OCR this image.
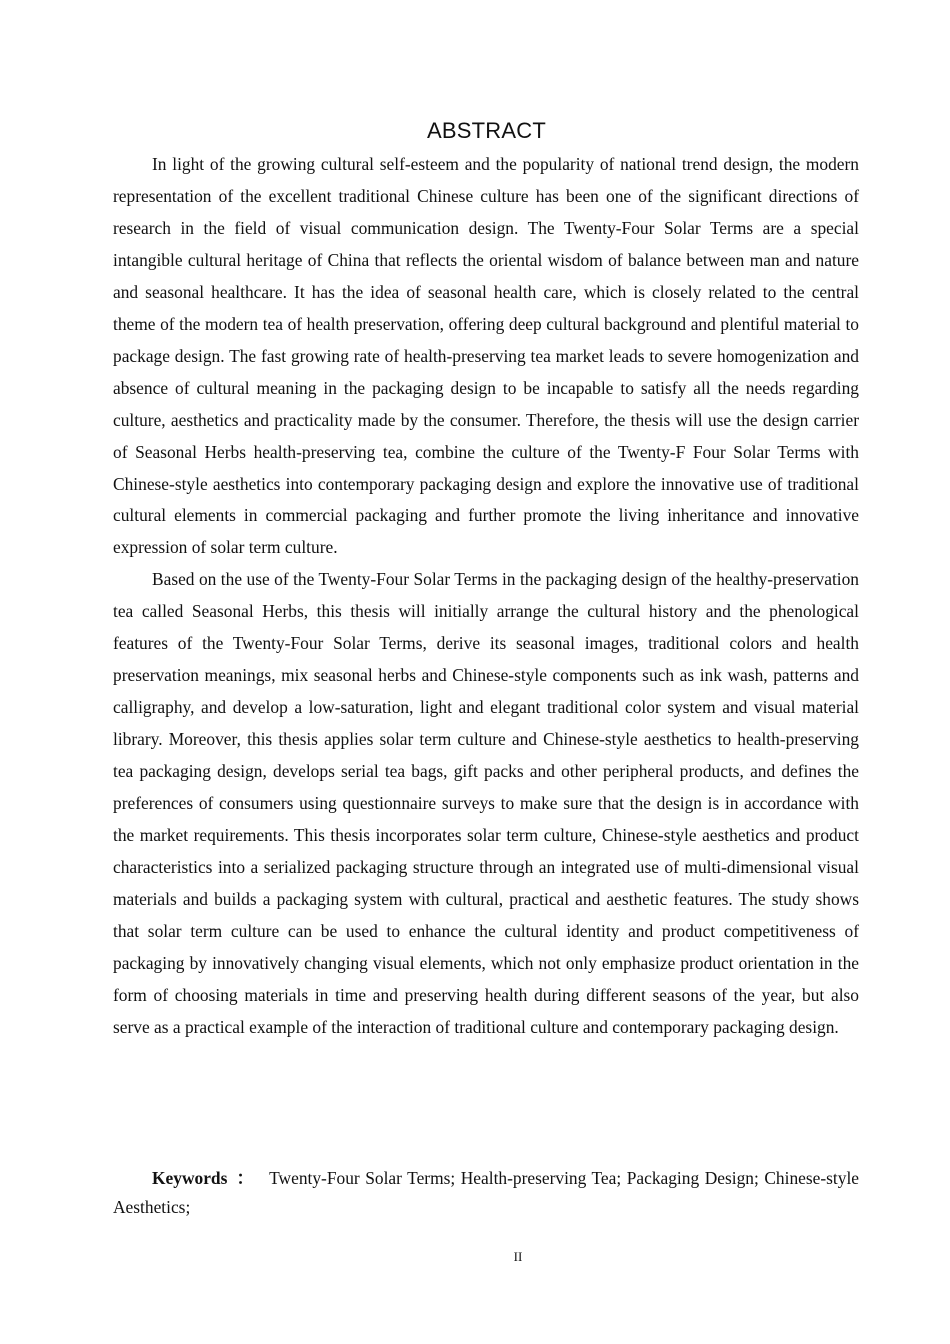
ABSTRACT

In light of the growing cultural self-esteem and the popularity of national trend design, the modern representation of the excellent traditional Chinese culture has been one of the significant directions of research in the field of visual communication design. The Twenty-Four Solar Terms are a special intangible cultural heritage of China that reflects the oriental wisdom of balance between man and nature and seasonal healthcare. It has the idea of seasonal health care, which is closely related to the central theme of the modern tea of health preservation, offering deep cultural background and plentiful material to package design. The fast growing rate of health-preserving tea market leads to severe homogenization and absence of cultural meaning in the packaging design to be incapable to satisfy all the needs regarding culture, aesthetics and practicality made by the consumer. Therefore, the thesis will use the design carrier of Seasonal Herbs health-preserving tea, combine the culture of the Twenty-F Four Solar Terms with Chinese-style aesthetics into contemporary packaging design and explore the innovative use of traditional cultural elements in commercial packaging and further promote the living inheritance and innovative expression of solar term culture.

Based on the use of the Twenty-Four Solar Terms in the packaging design of the healthy-preservation tea called Seasonal Herbs, this thesis will initially arrange the cultural history and the phenological features of the Twenty-Four Solar Terms, derive its seasonal images, traditional colors and health preservation meanings, mix seasonal herbs and Chinese-style components such as ink wash, patterns and calligraphy, and develop a low-saturation, light and elegant traditional color system and visual material library. Moreover, this thesis applies solar term culture and Chinese-style aesthetics to health-preserving tea packaging design, develops serial tea bags, gift packs and other peripheral products, and defines the preferences of consumers using questionnaire surveys to make sure that the design is in accordance with the market requirements. This thesis incorporates solar term culture, Chinese-style aesthetics and product characteristics into a serialized packaging structure through an integrated use of multi-dimensional visual materials and builds a packaging system with cultural, practical and aesthetic features. The study shows that solar term culture can be used to enhance the cultural identity and product competitiveness of packaging by innovatively changing visual elements, which not only emphasize product orientation in the form of choosing materials in time and preserving health during different seasons of the year, but also serve as a practical example of the interaction of traditional culture and contemporary packaging design.

Keywords ： Twenty-Four Solar Terms; Health-preserving Tea; Packaging Design; Chinese-style Aesthetics;

II
